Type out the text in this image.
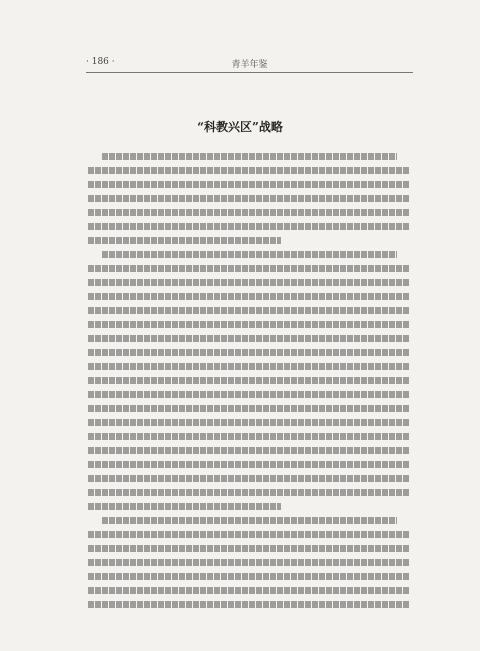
· 186 ·	青羊年鉴
“科教兴区”战略
